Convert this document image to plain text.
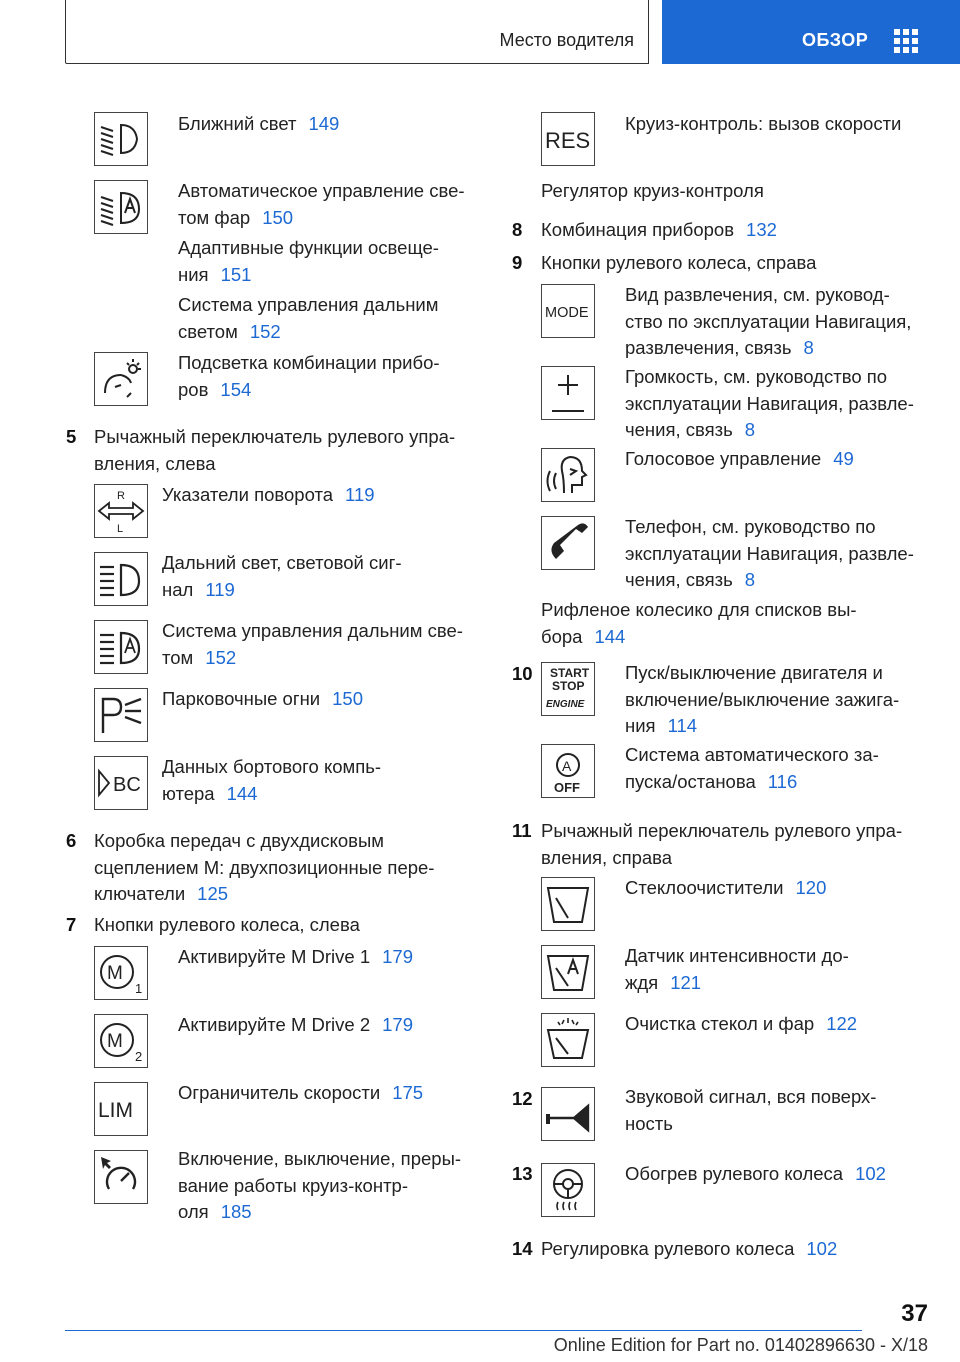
Место водителя	ОБЗОР
Ближний свет 149
Автоматическое управление све-
том фар 150
Адаптивные функции освеще-
ния 151
Система управления дальним
светом 152
Подсветка комбинации прибо-
ров 154
5 Рычажный переключатель рулевого упра-
вления, слева
R
L
Указатели поворота 119
Дальний свет, световой сиг-
нал 119
Система управления дальним све-
том 152
Парковочные огни 150
BC
Данных бортового компь-
ютера 144
6 Коробка передач с двухдисковым
сцеплением М: двухпозиционные пере-
ключатели 125
7 Кнопки рулевого колеса, слева
M
1
Активируйте M Drive 1 179
M
2
Активируйте M Drive 2 179
LIM
Ограничитель скорости 175
Включение, выключение, преры-
вание работы круиз-контр-
оля 185
RES
Круиз-контроль: вызов скорости
Регулятор круиз-контроля
8 Комбинация приборов 132
9 Кнопки рулевого колеса, справа
MODE
Вид развлечения, см. руковод-
ство по эксплуатации Навигация,
развлечения, связь 8
Громкость, см. руководство по
эксплуатации Навигация, развле-
чения, связь 8
Голосовое управление 49
Телефон, см. руководство по
эксплуатации Навигация, развле-
чения, связь 8
Рифленое колесико для списков вы-
бора 144
10 START
STOP
ENGINE
Пуск/выключение двигателя и
включение/выключение зажига-
ния 114
A
OFF
Система автоматического за-
пуска/останова 116
11 Рычажный переключатель рулевого упра-
вления, справа
Стеклоочистители 120
Датчик интенсивности до-
ждя 121
Очистка стекол и фар 122
12	Звуковой сигнал, вся поверх-
ность
13	Обогрев рулевого колеса 102
14 Регулировка рулевого колеса 102
37
Online Edition for Part no. 01402896630 - X/18
